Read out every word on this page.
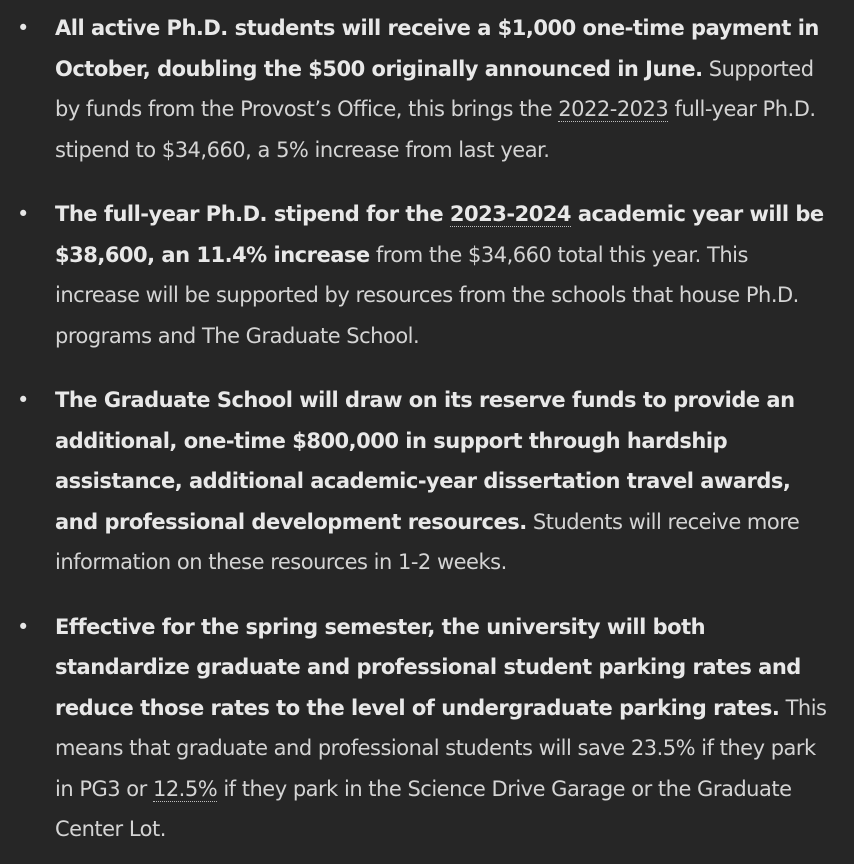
• All active Ph.D. students will receive a $1,000 one-time payment in October, doubling the $500 originally announced in June. Supported by funds from the Provost’s Office, this brings the 2022-2023 full-year Ph.D. stipend to $34,660, a 5% increase from last year.
• The full-year Ph.D. stipend for the 2023-2024 academic year will be $38,600, an 11.4% increase from the $34,660 total this year. This increase will be supported by resources from the schools that house Ph.D. programs and The Graduate School.
• The Graduate School will draw on its reserve funds to provide an additional, one-time $800,000 in support through hardship assistance, additional academic-year dissertation travel awards, and professional development resources. Students will receive more information on these resources in 1-2 weeks.
• Effective for the spring semester, the university will both standardize graduate and professional student parking rates and reduce those rates to the level of undergraduate parking rates. This means that graduate and professional students will save 23.5% if they park in PG3 or 12.5% if they park in the Science Drive Garage or the Graduate Center Lot.
